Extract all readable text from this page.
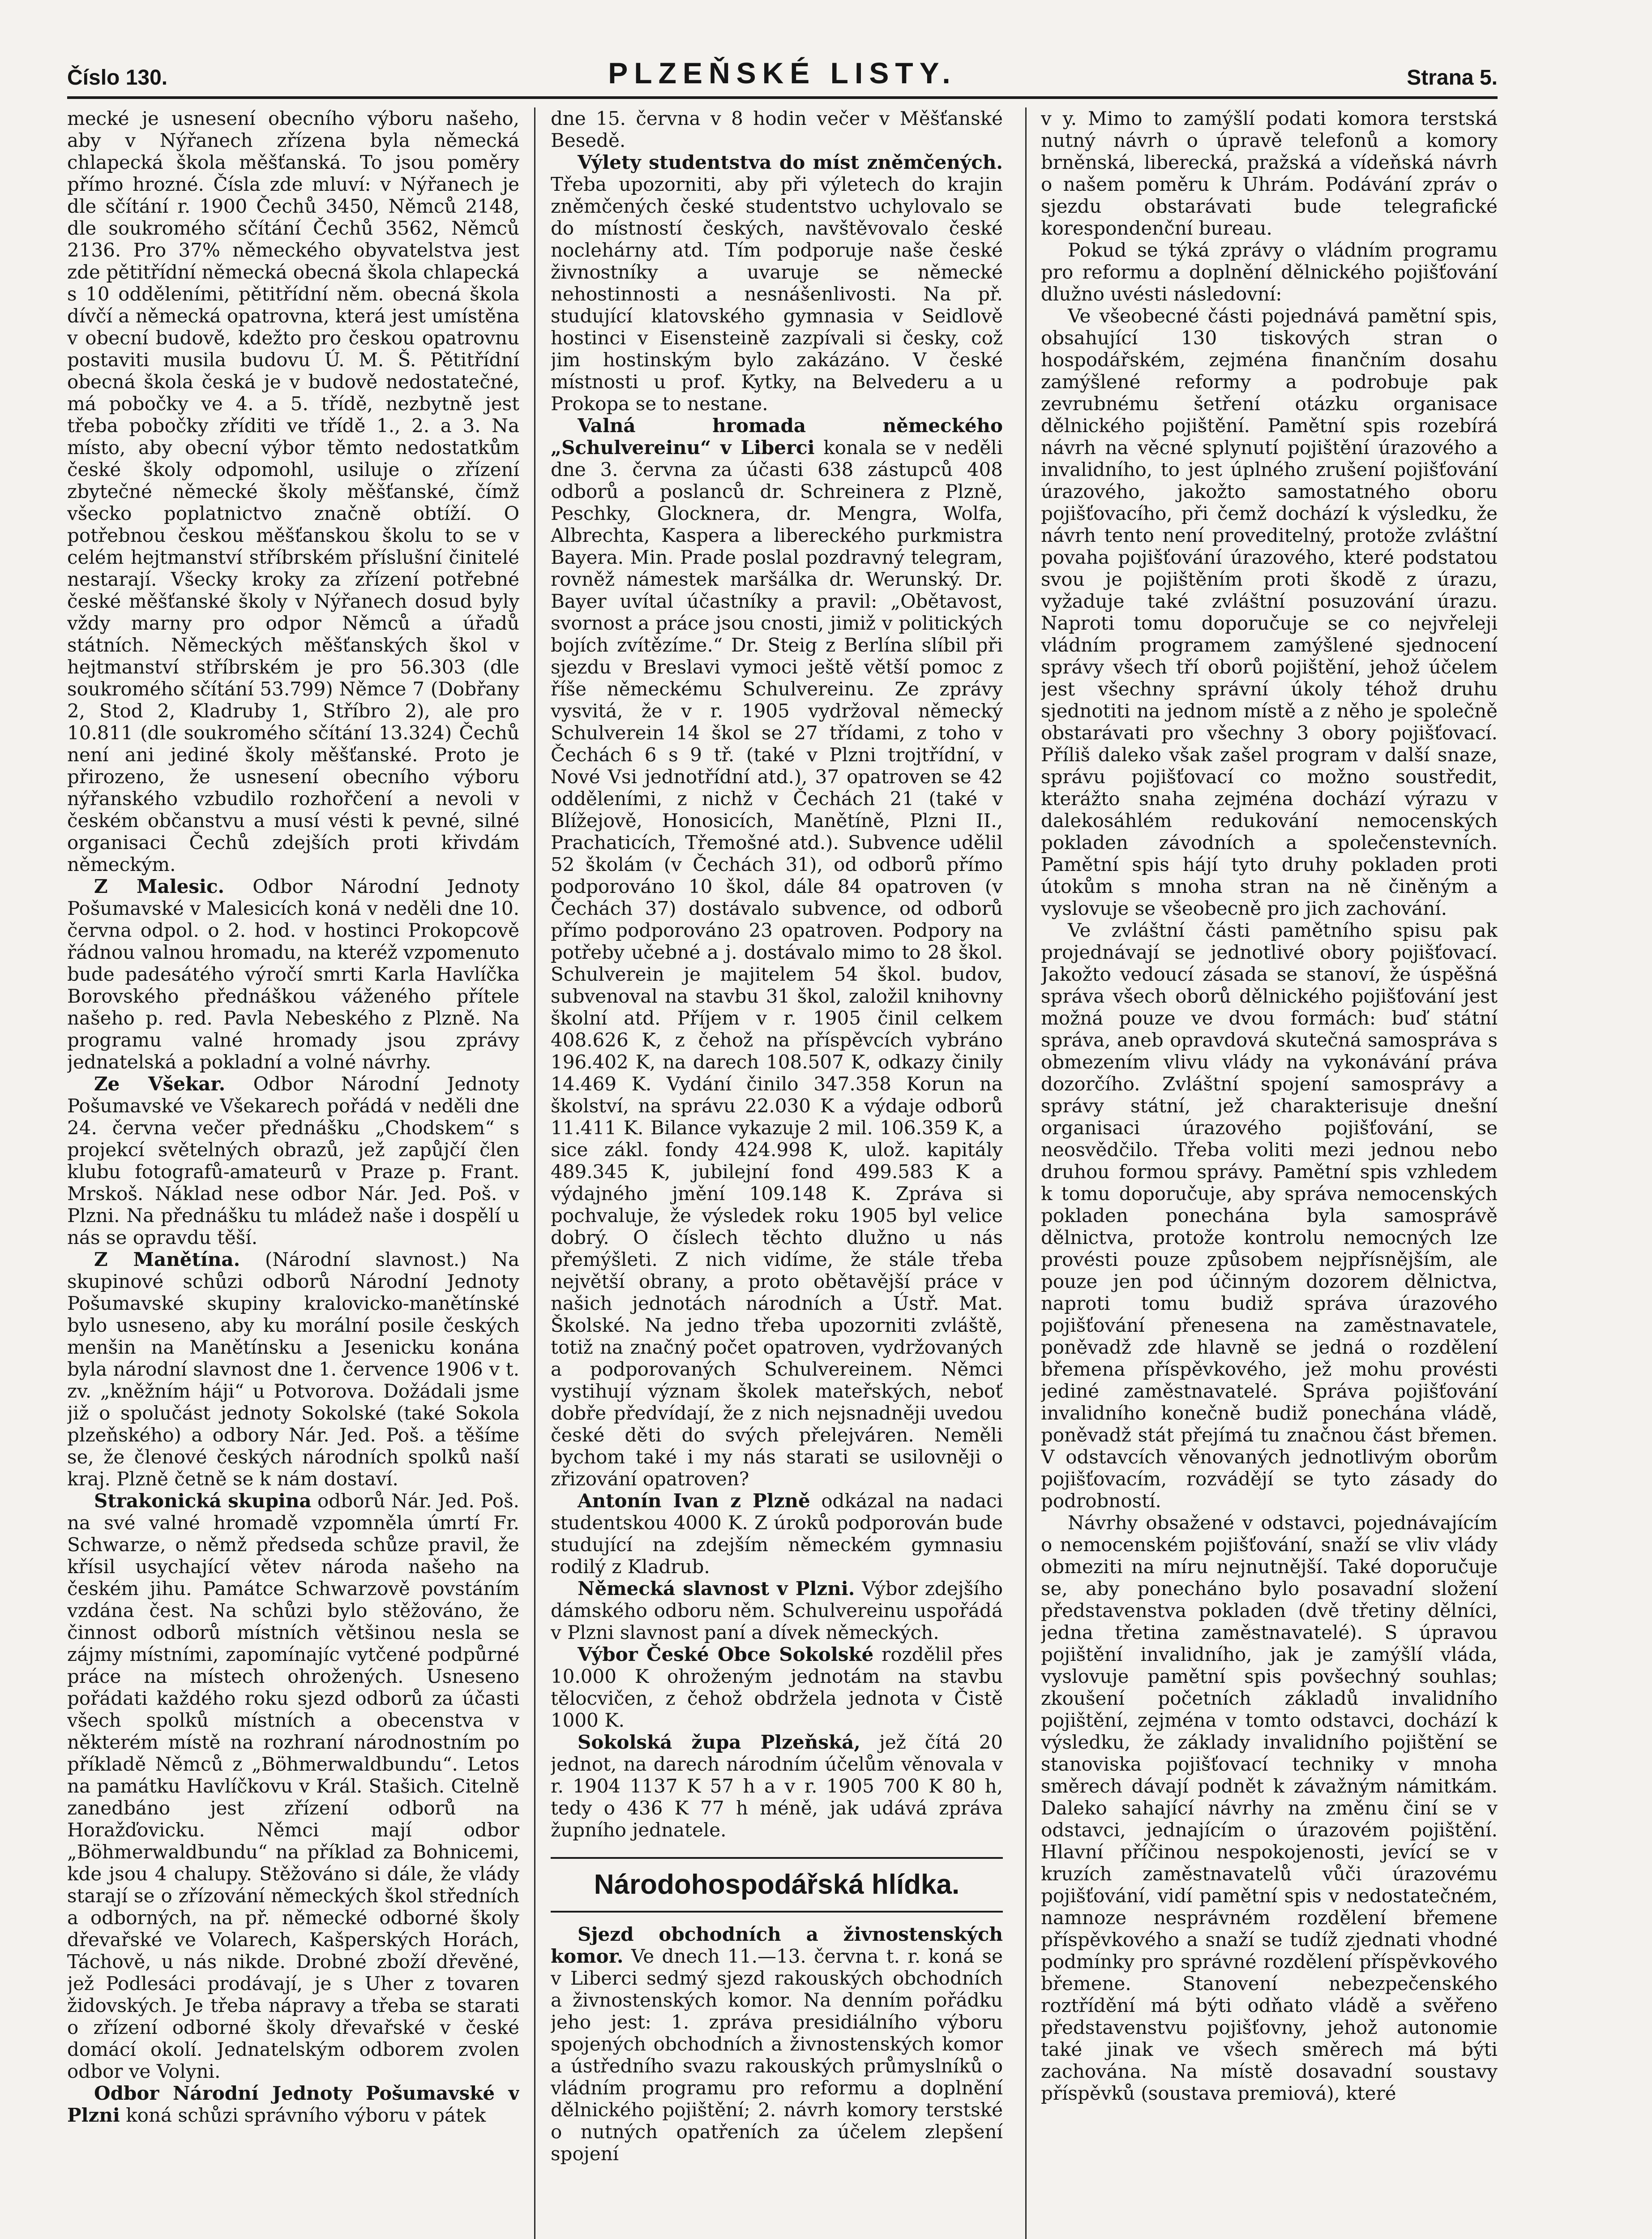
Číslo 130.	PLZEŇSKÉ LISTY.	Strana 5.

mecké je usnesení obecního výboru našeho, aby v Nýřanech zřízena byla německá chlapecká škola měšťanská. To jsou poměry přímo hrozné. Čísla zde mluví: v Nýřanech je dle sčítání r. 1900 Čechů 3450, Němců 2148, dle soukromého sčítání Čechů 3562, Němců 2136. Pro 37% německého obyvatelstva jest zde pětitřídní německá obecná škola chlapecká s 10 odděleními, pětitřídní něm. obecná škola dívčí a německá opatrovna, která jest umístěna v obecní budově, kdežto pro českou opatrovnu postaviti musila budovu Ú. M. Š. Pětitřídní obecná škola česká je v budově nedostatečné, má pobočky ve 4. a 5. třídě, nezbytně jest třeba pobočky zříditi ve třídě 1., 2. a 3. Na místo, aby obecní výbor těmto nedostatkům české školy odpomohl, usiluje o zřízení zbytečné německé školy měšťanské, čímž všecko poplatnictvo značně obtíží. O potřebnou českou měšťanskou školu to se v celém hejtmanství stříbrském příslušní činitelé nestarají. Všecky kroky za zřízení potřebné české měšťanské školy v Nýřanech dosud byly vždy marny pro odpor Němců a úřadů státních. Německých měšťanských škol v hejtmanství stříbrském je pro 56.303 (dle soukromého sčítání 53.799) Němce 7 (Dobřany 2, Stod 2, Kladruby 1, Stříbro 2), ale pro 10.811 (dle soukromého sčítání 13.324) Čechů není ani jediné školy měšťanské. Proto je přirozeno, že usnesení obecního výboru nýřanského vzbudilo rozhořčení a nevoli v českém občanstvu a musí vésti k pevné, silné organisaci Čechů zdejších proti křivdám německým.

Z Malesic. Odbor Národní Jednoty Pošumavské v Malesicích koná v neděli dne 10. června odpol. o 2. hod. v hostinci Prokopcově řádnou valnou hromadu, na kteréž vzpomenuto bude padesátého výročí smrti Karla Havlíčka Borovského přednáškou váženého přítele našeho p. red. Pavla Nebeského z Plzně. Na programu valné hromady jsou zprávy jednatelská a pokladní a volné návrhy.

Ze Všekar. Odbor Národní Jednoty Pošumavské ve Všekarech pořádá v neděli dne 24. června večer přednášku „Chodskem“ s projekcí světelných obrazů, jež zapůjčí člen klubu fotografů-amateurů v Praze p. Frant. Mrskoš. Náklad nese odbor Nár. Jed. Poš. v Plzni. Na přednášku tu mládež naše i dospělí u nás se opravdu těší.

Z Manětína. (Národní slavnost.) Na skupinové schůzi odborů Národní Jednoty Pošumavské skupiny kralovicko-manětínské bylo usneseno, aby ku morální posile českých menšin na Manětínsku a Jesenicku konána byla národní slavnost dne 1. července 1906 v t. zv. „kněžním háji“ u Potvorova. Dožádali jsme již o spolučást jednoty Sokolské (také Sokola plzeňského) a odbory Nár. Jed. Poš. a těšíme se, že členové českých národních spolků naší kraj. Plzně četně se k nám dostaví.

Strakonická skupina odborů Nár. Jed. Poš. na své valné hromadě vzpomněla úmrtí Fr. Schwarze, o němž předseda schůze pravil, že křísil usychající větev národa našeho na českém jihu. Památce Schwarzově povstáním vzdána čest. Na schůzi bylo stěžováno, že činnost odborů místních většinou nesla se zájmy místními, zapomínajíc vytčené podpůrné práce na místech ohrožených. Usneseno pořádati každého roku sjezd odborů za účasti všech spolků místních a obecenstva v některém místě na rozhraní národnostním po příkladě Němců z „Böhmerwaldbundu“. Letos na památku Havlíčkovu v Král. Stašich. Citelně zanedbáno jest zřízení odborů na Horažďovicku. Němci mají odbor „Böhmerwaldbundu“ na příklad za Bohnicemi, kde jsou 4 chalupy. Stěžováno si dále, že vlády starají se o zřízování německých škol středních a odborných, na př. německé odborné školy dřevařské ve Volarech, Kašperských Horách, Táchově, u nás nikde. Drobné zboží dřevěné, jež Podlesáci prodávají, je s Uher z tovaren židovských. Je třeba nápravy a třeba se starati o zřízení odborné školy dřevařské v české domácí okolí. Jednatelským odborem zvolen odbor ve Volyni.

Odbor Národní Jednoty Pošumavské v Plzni koná schůzi správního výboru v pátek

dne 15. června v 8 hodin večer v Měšťanské Besedě.

Výlety studentstva do míst zněmčených. Třeba upozorniti, aby při výletech do krajin zněmčených české studentstvo uchylovalo se do místností českých, navštěvovalo české noclehárny atd. Tím podporuje naše české živnostníky a uvaruje se německé nehostinnosti a nesnášenlivosti. Na př. studující klatovského gymnasia v Seidlově hostinci v Eisensteině zazpívali si česky, což jim hostinským bylo zakázáno. V české místnosti u prof. Kytky, na Belvederu a u Prokopa se to nestane.

Valná hromada německého „Schulvereinu“ v Liberci konala se v neděli dne 3. června za účasti 638 zástupců 408 odborů a poslanců dr. Schreinera z Plzně, Peschky, Glocknera, dr. Mengra, Wolfa, Albrechta, Kaspera a libereckého purkmistra Bayera. Min. Prade poslal pozdravný telegram, rovněž námestek maršálka dr. Werunský. Dr. Bayer uvítal účastníky a pravil: „Obětavost, svornost a práce jsou cnosti, jimiž v politických bojích zvítězíme.“ Dr. Steig z Berlína slíbil při sjezdu v Breslavi vymoci ještě větší pomoc z říše německému Schulvereinu. Ze zprávy vysvitá, že v r. 1905 vydržoval německý Schulverein 14 škol se 27 třídami, z toho v Čechách 6 s 9 tř. (také v Plzni trojtřídní, v Nové Vsi jednotřídní atd.), 37 opatroven se 42 odděleními, z nichž v Čechách 21 (také v Blížejově, Honosicích, Manětíně, Plzni II., Prachaticích, Třemošné atd.). Subvence udělil 52 školám (v Čechách 31), od odborů přímo podporováno 10 škol, dále 84 opatroven (v Čechách 37) dostávalo subvence, od odborů přímo podporováno 23 opatroven. Podpory na potřeby učebné a j. dostávalo mimo to 28 škol. Schulverein je majitelem 54 škol. budov, subvenoval na stavbu 31 škol, založil knihovny školní atd. Příjem v r. 1905 činil celkem 408.626 K, z čehož na příspěvcích vybráno 196.402 K, na darech 108.507 K, odkazy činily 14.469 K. Vydání činilo 347.358 Korun na školství, na správu 22.030 K a výdaje odborů 11.411 K. Bilance vykazuje 2 mil. 106.359 K, a sice zákl. fondy 424.998 K, ulož. kapitály 489.345 K, jubilejní fond 499.583 K a výdajného jmění 109.148 K. Zpráva si pochvaluje, že výsledek roku 1905 byl velice dobrý. O číslech těchto dlužno u nás přemýšleti. Z nich vidíme, že stále třeba největší obrany, a proto obětavější práce v našich jednotách národních a Ústř. Mat. Školské. Na jedno třeba upozorniti zvláště, totiž na značný počet opatroven, vydržovaných a podporovaných Schulvereinem. Němci vystihují význam školek mateřských, neboť dobře předvídají, že z nich nejsnadněji uvedou české děti do svých přelejváren. Neměli bychom také i my nás starati se usilovněji o zřizování opatroven?

Antonín Ivan z Plzně odkázal na nadaci studentskou 4000 K. Z úroků podporován bude studující na zdejším německém gymnasiu rodilý z Kladrub.

Německá slavnost v Plzni. Výbor zdejšího dámského odboru něm. Schulvereinu uspořádá v Plzni slavnost paní a dívek německých.

Výbor České Obce Sokolské rozdělil přes 10.000 K ohroženým jednotám na stavbu tělocvičen, z čehož obdržela jednota v Čistě 1000 K.

Sokolská župa Plzeňská, jež čítá 20 jednot, na darech národním účelům věnovala v r. 1904 1137 K 57 h a v r. 1905 700 K 80 h, tedy o 436 K 77 h méně, jak udává zpráva župního jednatele.

Národohospodářská hlídka.

Sjezd obchodních a živnostenských komor. Ve dnech 11.—13. června t. r. koná se v Liberci sedmý sjezd rakouských obchodních a živnostenských komor. Na denním pořádku jeho jest: 1. zpráva presidiálního výboru spojených obchodních a živnostenských komor a ústředního svazu rakouských průmyslníků o vládním programu pro reformu a doplnění dělnického pojištění; 2. návrh komory terstské o nutných opatřeních za účelem zlepšení spojení

v y. Mimo to zamýšlí podati komora terstská nutný návrh o úpravě telefonů a komory brněnská, liberecká, pražská a vídeňská návrh o našem poměru k Uhrám. Podávání zpráv o sjezdu obstarávati bude telegrafické korespondenční bureau.

Pokud se týká zprávy o vládním programu pro reformu a doplnění dělnického pojišťování dlužno uvésti následovní:

Ve všeobecné části pojednává pamětní spis, obsahující 130 tiskových stran o hospodářském, zejména finančním dosahu zamýšlené reformy a podrobuje pak zevrubnému šetření otázku organisace dělnického pojištění. Pamětní spis rozebírá návrh na věcné splynutí pojištění úrazového a invalidního, to jest úplného zrušení pojišťování úrazového, jakožto samostatného oboru pojišťovacího, při čemž dochází k výsledku, že návrh tento není proveditelný, protože zvláštní povaha pojišťování úrazového, které podstatou svou je pojištěním proti škodě z úrazu, vyžaduje také zvláštní posuzování úrazu. Naproti tomu doporučuje se co nejvřeleji vládním programem zamýšlené sjednocení správy všech tří oborů pojištění, jehož účelem jest všechny správní úkoly téhož druhu sjednotiti na jednom místě a z něho je společně obstarávati pro všechny 3 obory pojišťovací. Příliš daleko však zašel program v další snaze, správu pojišťovací co možno soustředit, kterážto snaha zejména dochází výrazu v dalekosáhlém redukování nemocenských pokladen závodních a společenstevních. Pamětní spis hájí tyto druhy pokladen proti útokům s mnoha stran na ně činěným a vyslovuje se všeobecně pro jich zachování.

Ve zvláštní části pamětního spisu pak projednávají se jednotlivé obory pojišťovací. Jakožto vedoucí zásada se stanoví, že úspěšná správa všech oborů dělnického pojišťování jest možná pouze ve dvou formách: buď státní správa, aneb opravdová skutečná samospráva s obmezením vlivu vlády na vykonávání práva dozorčího. Zvláštní spojení samosprávy a správy státní, jež charakterisuje dnešní organisaci úrazového pojišťování, se neosvědčilo. Třeba voliti mezi jednou nebo druhou formou správy. Pamětní spis vzhledem k tomu doporučuje, aby správa nemocenských pokladen ponechána byla samosprávě dělnictva, protože kontrolu nemocných lze provésti pouze způsobem nejpřísnějším, ale pouze jen pod účinným dozorem dělnictva, naproti tomu budiž správa úrazového pojišťování přenesena na zaměstnavatele, poněvadž zde hlavně se jedná o rozdělení břemena příspěvkového, jež mohu provésti jediné zaměstnavatelé. Správa pojišťování invalidního konečně budiž ponechána vládě, poněvadž stát přejímá tu značnou část břemen. V odstavcích věnovaných jednotlivým oborům pojišťovacím, rozvádějí se tyto zásady do podrobností.

Návrhy obsažené v odstavci, pojednávajícím o nemocenském pojišťování, snaží se vliv vlády obmeziti na míru nejnutnější. Také doporučuje se, aby ponecháno bylo posavadní složení představenstva pokladen (dvě třetiny dělníci, jedna třetina zaměstnavatelé). S úpravou pojištění invalidního, jak je zamýšlí vláda, vyslovuje pamětní spis povšechný souhlas; zkoušení početních základů invalidního pojištění, zejména v tomto odstavci, dochází k výsledku, že základy invalidního pojištění se stanoviska pojišťovací techniky v mnoha směrech dávají podnět k závažným námitkám. Daleko sahající návrhy na změnu činí se v odstavci, jednajícím o úrazovém pojištění. Hlavní příčinou nespokojenosti, jevící se v kruzích zaměstnavatelů vůči úrazovému pojišťování, vidí pamětní spis v nedostatečném, namnoze nesprávném rozdělení břemene příspěvkového a snaží se tudíž zjednati vhodné podmínky pro správné rozdělení příspěvkového břemene. Stanovení nebezpečenského roztřídění má býti odňato vládě a svěřeno představenstvu pojišťovny, jehož autonomie také jinak ve všech směrech má býti zachována. Na místě dosavadní soustavy příspěvků (soustava premiová), které
